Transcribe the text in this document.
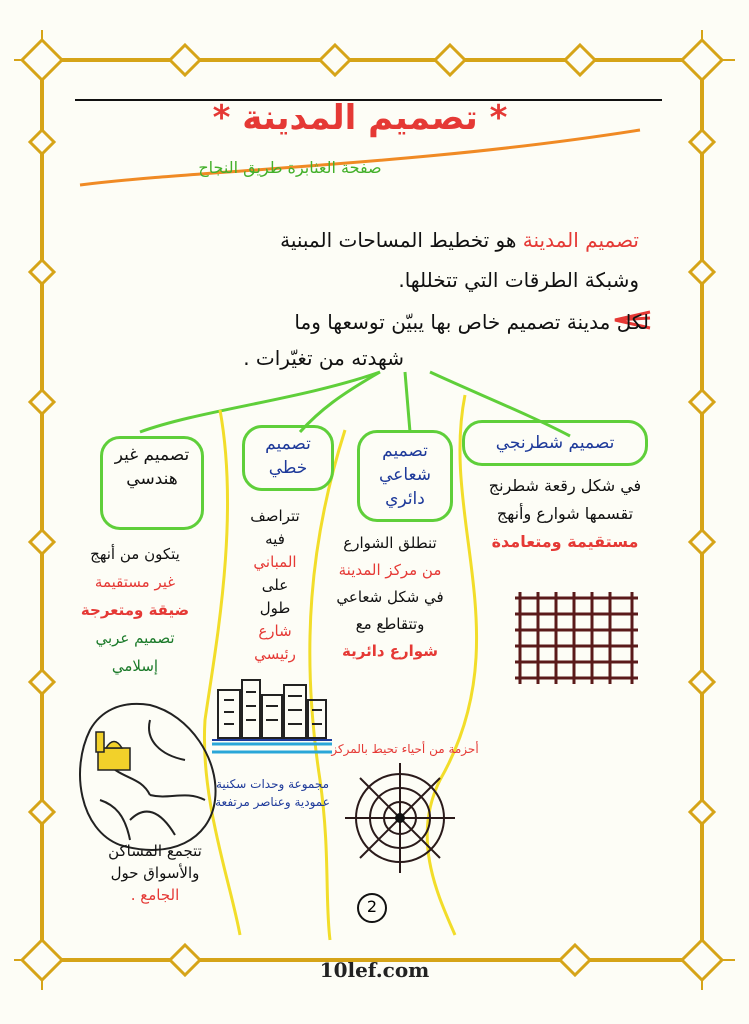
* تصميم المدينة *
صفحة العثابرة طريق النجاح
تصميم المدينة هو تخطيط المساحات المبنية
وشبكة الطرقات التي تتخللها.
لكل مدينة تصميم خاص بها يبيّن توسعها وما
شهدته من تغيّرات .
تصميم شطرنجي
تصميم شعاعي دائري
تصميم خطي
تصميم غير هندسي	في شكل رقعة شطرنج
تقسمها شوارع وأنهج
مستقيمة ومتعامدة
تنطلق الشوارع
من مركز المدينة
في شكل شعاعي
وتتقاطع مع
شوارع دائرية
تتراصف
فيه
المباني
على
طول
شارع
رئيسي
يتكون من أنهج
غير مستقيمة
ضيقة ومتعرجة
تصميم عربي
إسلامي
تتجمع المساكن
والأسواق حول
الجامع .
مجموعة وحدات سكنية عمودية وعناصر مرتفعة
أحزمة من أحياء تحيط بالمركز
2
10lef.com
